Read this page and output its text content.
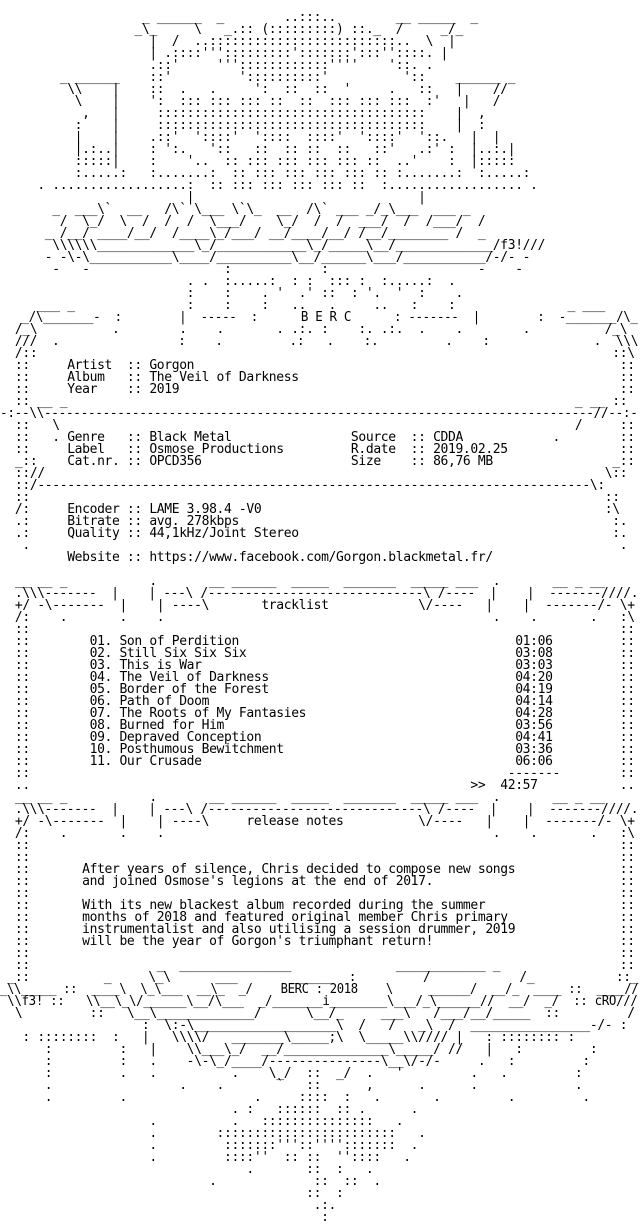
_ ______  _        ..:::..        __ _____  _
_\_     \   _.:: (:::::::::) ::._  /     _/_
|  /  ..:::::::::::::::::::::::::..  \  |
| .::::''':::::::::':::::::':::''::::. |
.::'     '''::::::::::::''''    '::. .
_ ______    ::'         '::::::::::'          '::    ______ _
\\    |    ::  .   .     ':  ::  ::  '     .   ::   |    //
\    |    ':  ::: ::: ::: ::  ::  ::: ::: :::  :'   |   /
,   |     ::::::::::::::::::::::::::::::::::::    |  ,
:    |     ::::::::::::::::::::::::::::::::::::    |  :
|    |    .::'  '::::'  '::::  ::::'  '::::'  '::.   |  |
|.:..|    : ':.   '::   ::  :: ::  ::   ::'   .:' :  |..:.|
:::::|    :    '..  :: ::: ::: ::: ::: ::  ..'    :  |:::::
:.....:   :.......:  :: ::: ::: ::: ::: :: :.......:  :.....:
. ..................:  :: ::: ::: ::: ::: ::  :.................. .
|                              |
_  ___\`  __   /\` \___ \`\_  __  /\` ___ _/_\___  ___ _
/  \_/  \  /  /  /  \___/    \_/  /  /  ___/  /  /___/  /
_ /__/ ____/__/  /____\_/___/ __/____/__/ /__/________ /  _
\\\\\\_____________\_/____________\_/_____\__/_____________/f3!///
- -\-\___________\____/__________\__/______\___/___________/-/- -
-   -                  :            :                    -    -
. .  :.....:  : :  ::: :  :.....:  .
:    :    . '  .' ::  : '.  '  :    .
___ _               :    :    :   ..   .     ..   :    :               _ ___
_/\_______-  :        |  -----  :      B E R C      : -------  |        :  -_______/\_
/_\          .        .    .       . .:. :    :. .:.  .    .        .          /_\
///  .                :    .         .:   .    :.         .    :              .  \\\
/::                                                                             ::\
::     Artist  :: Gorgon                                                         ::
::     Album   :: The Veil of Darkness                                           ::
::     Year    :: 2019                                                           ::
:: __ _                                                                    _ __ ::
-:--\\---------------------------------------------------------------------------//--:-
::   \                                                                     /     ::
::   . Genre   :: Black Metal                Source  :: CDDA            .        ::
::     Label   :: Osmose Productions         R.date  :: 2019.02.25               ::
_::    Cat.nr. :: OPCD356                    Size    :: 86,76 MB                _::
:://                                                                           \::
::/--------------------------------------------------------------------------\:
::                                                                             ::
/:     Encoder :: LAME 3.98.4 -V0                                              :\
.:     Bitrate :: avg. 278kbps                                                  :.
.:     Quality :: 44,1kHz/Joint Stereo                                          :.
.                                                                               .
Website :: https://www.facebook.com/Gorgon.blackmetal.fr/
__ __ _           .       __ ______  _____  _______  _____ ___  .       __ _ __
.\\\-------  |    | ---\ /-----------------------------\ /----  |    |  -------////.
+/ -\-------  |    | ----\       tracklist            \/----   |    |  -------/- \+
/:    .       .    .                                            .    .       .   :\
::                                                                               ::
::        01. Son of Perdition                                     01:06         ::
::        02. Still Six Six Six                                    03:08         ::
::        03. This is War                                          03:03         ::
::        04. The Veil of Darkness                                 04:20         ::
::        05. Border of the Forest                                 04:19         ::
::        06. Path of Doom                                         04:14         ::
::        07. The Roots of My Fantasies                            04:28         ::
::        08. Burned for Him                                       03:56         ::
::        09. Depraved Conception                                  04:41         ::
::        10. Posthumous Bewitchment                               03:36         ::
::        11. Our Crusade                                          06:06         ::
::                                                                -------        ::
..                                                           >>  42:57           ..
__ __ _           .       __ ______  _____  _______  _____ ___  .       __ _ __
.\\\-------  |    | ---\ /-----------------------------\ /----  |    |  -------////.
+/ -\-------  |    | ----\     release notes          \/----   |    |  -------/- \+
/:    .       .    .                                            .    .       .   :\
::                                                                               ::
::                                                                               ::
::       After years of silence, Chris decided to compose new songs              ::
::       and joined Osmose's legions at the end of 2017.                         ::
::                                                                               ::
::       With its new blackest album recorded during the summer                  ::
::       months of 2018 and featured original member Chris primary               ::
::       instrumentalist and also utilising a session drummer, 2019              ::
::       will be the year of Gorgon's triumphant return!                         ::
::                                                                               ::
::                 _  _______________              ____________ _                ::
_::          _     \_\      ___       ______  :         /            /_           ::_
_\\_____ ::  ____\  \_\___  __\_  _/    BERC : 2018    \     ______/  __/_  ____ ::  ____//
\\f3! ::   \\__\_\/______\__/\___  _/_______i________\___/_\______//  __/  _/  :: cRO///
\         ::   \__\_____________/      \__/_     ___\   /___/__/_____  ::         /
:  \:-\___________________\  /   /   _\  /  ________________-/- :
: ::::::::  :   |   \\\\/   _______\_____;\  \_____\\//// |   : :::::::: :
:         :   |    \\___\_/  __/______________\_____/ //   |   :         :
:         :   .    -\-\_/____/---------------\__\/-/-     .   :         :
:         .   .          .    \_/  ::  _/  .   '         .   .         :
.                 .    .       `   ::      ,      .      .             .
.         .                 .     ::::  :   .       .         .         .
. :   ::::::  :: .      .
.          .   :::::::::::::::   .
.        ::::::::::::::::::::::::   .
.         :::::::'''::'''':::::::  .
.         ::::''  :: ::  ''::::   .
.       ::  :   .
.             ::  ::  .
::  :
.:.
:
